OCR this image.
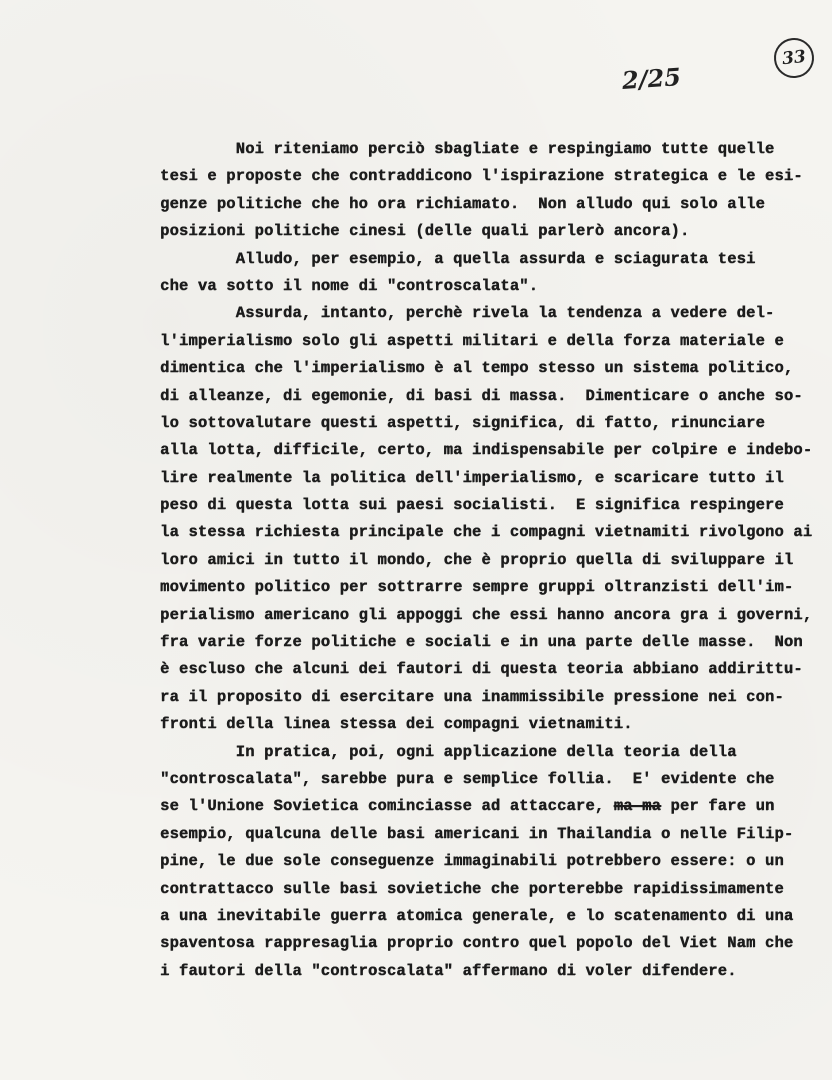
33
2/25
Noi riteniamo perciò sbagliate e respingiamo tutte quelle
tesi e proposte che contraddicono l'ispirazione strategica e le esi-
genze politiche che ho ora richiamato.  Non alludo qui solo alle
posizioni politiche cinesi (delle quali parlerò ancora).
Alludo, per esempio, a quella assurda e sciagurata tesi
che va sotto il nome di "controscalata".
Assurda, intanto, perchè rivela la tendenza a vedere del-
l'imperialismo solo gli aspetti militari e della forza materiale e
dimentica che l'imperialismo è al tempo stesso un sistema politico,
di alleanze, di egemonie, di basi di massa.  Dimenticare o anche so-
lo sottovalutare questi aspetti, significa, di fatto, rinunciare
alla lotta, difficile, certo, ma indispensabile per colpire e indebo-
lire realmente la politica dell'imperialismo, e scaricare tutto il
peso di questa lotta sui paesi socialisti.  E significa respingere
la stessa richiesta principale che i compagni vietnamiti rivolgono ai
loro amici in tutto il mondo, che è proprio quella di sviluppare il
movimento politico per sottrarre sempre gruppi oltranzisti dell'im-
perialismo americano gli appoggi che essi hanno ancora gra i governi,
fra varie forze politiche e sociali e in una parte delle masse.  Non
è escluso che alcuni dei fautori di questa teoria abbiano addirittu-
ra il proposito di esercitare una inammissibile pressione nei con-
fronti della linea stessa dei compagni vietnamiti.
In pratica, poi, ogni applicazione della teoria della
"controscalata", sarebbe pura e semplice follia.  E' evidente che
se l'Unione Sovietica cominciasse ad attaccare, ma ma per fare un
esempio, qualcuna delle basi americani in Thailandia o nelle Filip-
pine, le due sole conseguenze immaginabili potrebbero essere: o un
contrattacco sulle basi sovietiche che porterebbe rapidissimamente
a una inevitabile guerra atomica generale, e lo scatenamento di una
spaventosa rappresaglia proprio contro quel popolo del Viet Nam che
i fautori della "controscalata" affermano di voler difendere.
